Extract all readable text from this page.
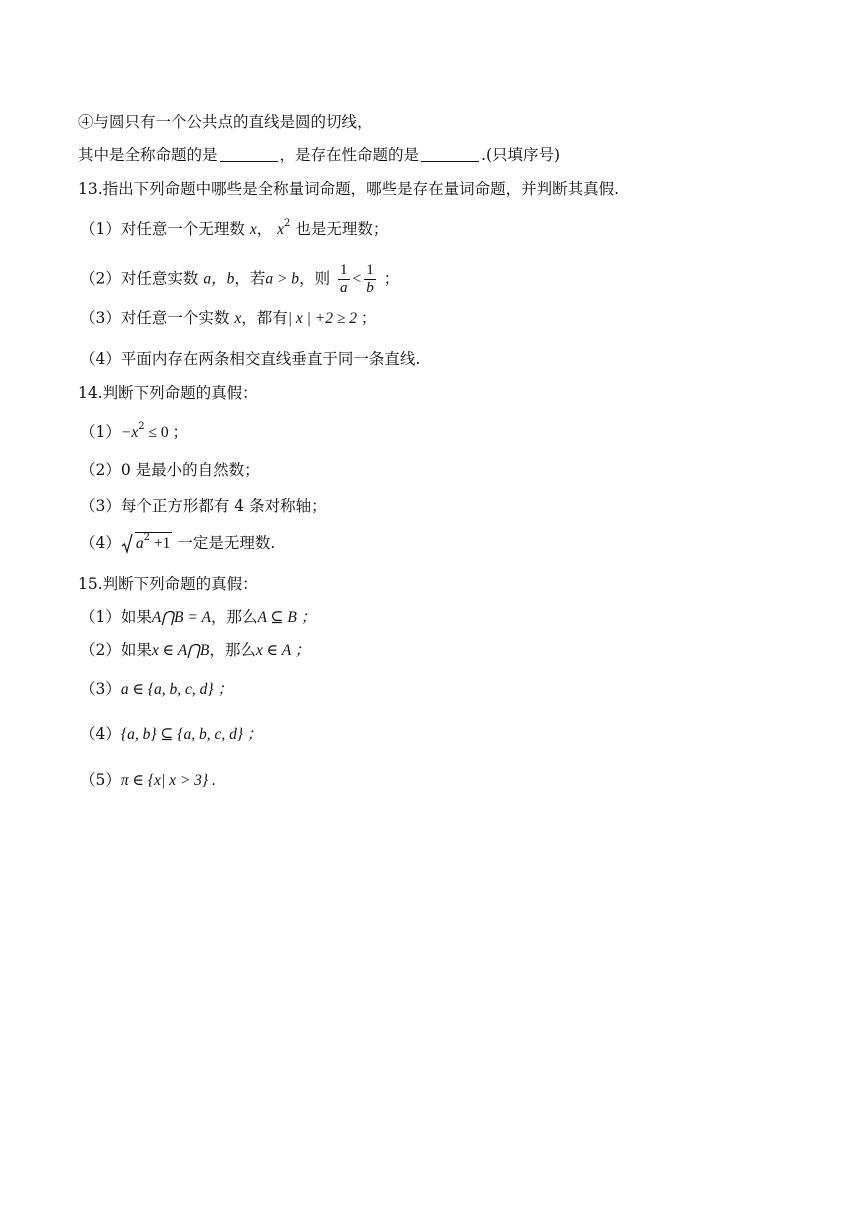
④与圆只有一个公共点的直线是圆的切线，
其中是全称命题的是	，是存在性命题的是	.(只填序号)
13.指出下列命题中哪些是全称量词命题，哪些是存在量词命题，并判断其真假.
（1）对任意一个无理数 x， $x^2$ 也是无理数；
（2）对任意实数 a，b，若a > b，则 $\frac{1}{a} < \frac{1}{b}$ ；
（3）对任意一个实数 x，都有| x | +2 ≥ 2 ；
（4）平面内存在两条相交直线垂直于同一条直线.
14.判断下列命题的真假：
$(1)-x^2 \le 0$ ；
（2）0 是最小的自然数；
（3）每个正方形都有 4 条对称轴；
（4） $a^2 +1$ 一定是无理数.
15.判断下列命题的真假：
（1）如果A⋂B = A，那么A ⊆ B ；
（2）如果x ∈ A⋂B，那么x ∈ A ；
（3）a ∈ {a, b, c, d} ；
（4）{a, b} ⊆ {a, b, c, d} ；
（5）π ∈ {x| x > 3} .
